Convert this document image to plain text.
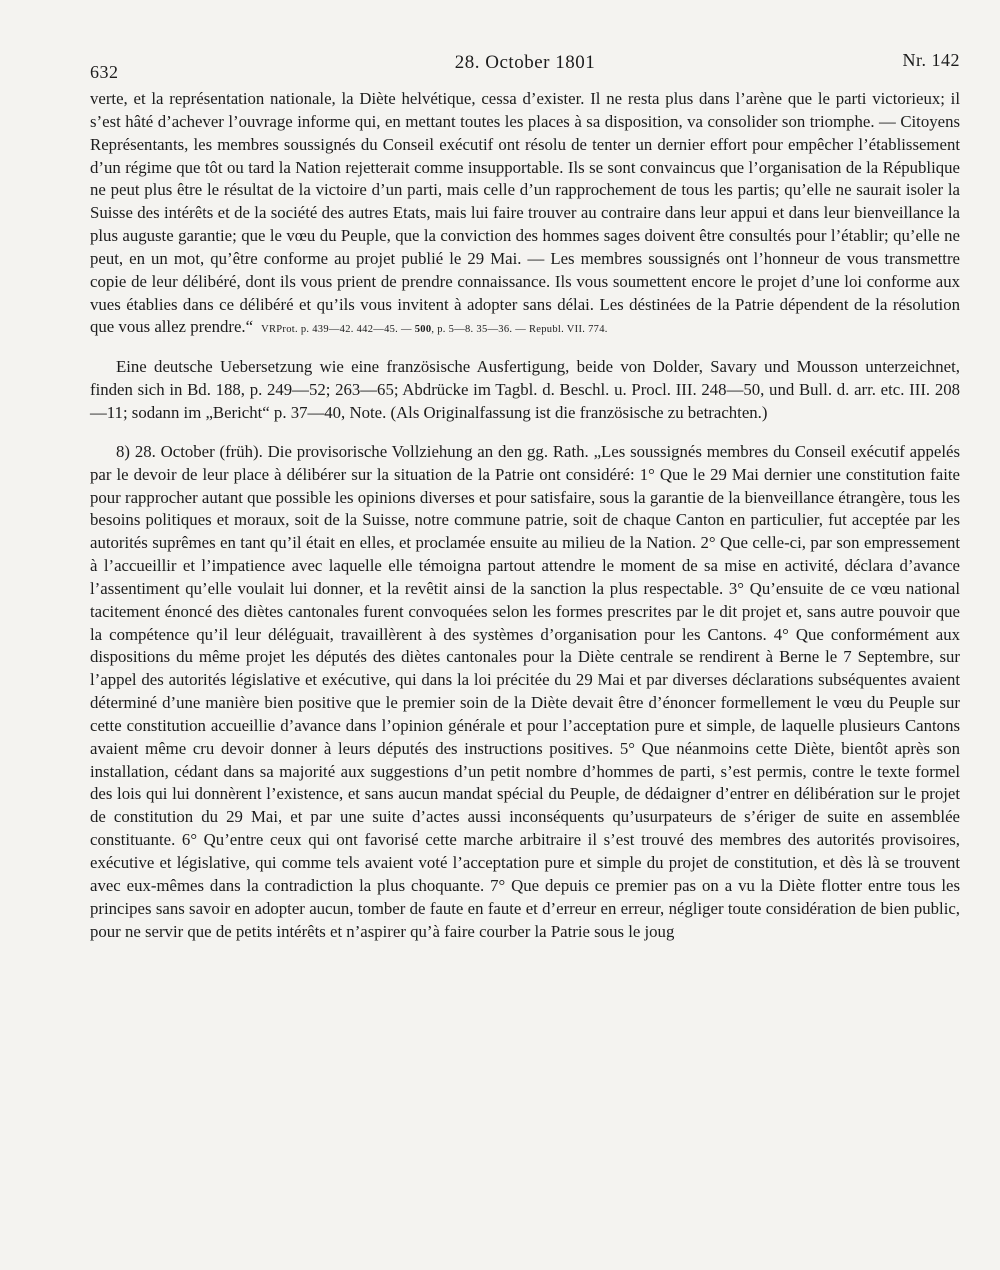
632	28. October 1801	Nr. 142

verte, et la représentation nationale, la Diète helvétique, cessa d’exister. Il ne resta plus dans l’arène que le parti victorieux; il s’est hâté d’achever l’ouvrage informe qui, en mettant toutes les places à sa disposition, va consolider son triomphe. — Citoyens Représentants, les membres soussignés du Conseil exécutif ont résolu de tenter un dernier effort pour empêcher l’établissement d’un régime que tôt ou tard la Nation rejetterait comme insupportable. Ils se sont convaincus que l’organisation de la République ne peut plus être le résultat de la victoire d’un parti, mais celle d’un rapprochement de tous les partis; qu’elle ne saurait isoler la Suisse des intérêts et de la société des autres Etats, mais lui faire trouver au contraire dans leur appui et dans leur bienveillance la plus auguste garantie; que le vœu du Peuple, que la conviction des hommes sages doivent être consultés pour l’établir; qu’elle ne peut, en un mot, qu’être conforme au projet publié le 29 Mai. — Les membres soussignés ont l’honneur de vous transmettre copie de leur délibéré, dont ils vous prient de prendre connaissance. Ils vous soumettent encore le projet d’une loi conforme aux vues établies dans ce délibéré et qu’ils vous invitent à adopter sans délai. Les déstinées de la Patrie dépendent de la résolution que vous allez prendre.“ VRProt. p. 439—42. 442—45. — 500, p. 5—8. 35—36. — Republ. VII. 774.

Eine deutsche Uebersetzung wie eine französische Ausfertigung, beide von Dolder, Savary und Mousson unterzeichnet, finden sich in Bd. 188, p. 249—52; 263—65; Abdrücke im Tagbl. d. Beschl. u. Procl. III. 248—50, und Bull. d. arr. etc. III. 208—11; sodann im „Bericht“ p. 37—40, Note. (Als Originalfassung ist die französische zu betrachten.)

8) 28. October (früh). Die provisorische Vollziehung an den gg. Rath. „Les soussignés membres du Conseil exécutif appelés par le devoir de leur place à délibérer sur la situation de la Patrie ont considéré: 1° Que le 29 Mai dernier une constitution faite pour rapprocher autant que possible les opinions diverses et pour satisfaire, sous la garantie de la bienveillance étrangère, tous les besoins politiques et moraux, soit de la Suisse, notre commune patrie, soit de chaque Canton en particulier, fut acceptée par les autorités suprêmes en tant qu’il était en elles, et proclamée ensuite au milieu de la Nation. 2° Que celle-ci, par son empressement à l’accueillir et l’impatience avec laquelle elle témoigna partout attendre le moment de sa mise en activité, déclara d’avance l’assentiment qu’elle voulait lui donner, et la revêtit ainsi de la sanction la plus respectable. 3° Qu’ensuite de ce vœu national tacitement énoncé des diètes cantonales furent convoquées selon les formes prescrites par le dit projet et, sans autre pouvoir que la compétence qu’il leur déléguait, travaillèrent à des systèmes d’organisation pour les Cantons. 4° Que conformément aux dispositions du même projet les députés des diètes cantonales pour la Diète centrale se rendirent à Berne le 7 Septembre, sur l’appel des autorités législative et exécutive, qui dans la loi précitée du 29 Mai et par diverses déclarations subséquentes avaient déterminé d’une manière bien positive que le premier soin de la Diète devait être d’énoncer formellement le vœu du Peuple sur cette constitution accueillie d’avance dans l’opinion générale et pour l’acceptation pure et simple, de laquelle plusieurs Cantons avaient même cru devoir donner à leurs députés des instructions positives. 5° Que néanmoins cette Diète, bientôt après son installation, cédant dans sa majorité aux suggestions d’un petit nombre d’hommes de parti, s’est permis, contre le texte formel des lois qui lui donnèrent l’existence, et sans aucun mandat spécial du Peuple, de dédaigner d’entrer en délibération sur le projet de constitution du 29 Mai, et par une suite d’actes aussi inconséquents qu’usurpateurs de s’ériger de suite en assemblée constituante. 6° Qu’entre ceux qui ont favorisé cette marche arbitraire il s’est trouvé des membres des autorités provisoires, exécutive et législative, qui comme tels avaient voté l’acceptation pure et simple du projet de constitution, et dès là se trouvent avec eux-mêmes dans la contradiction la plus choquante. 7° Que depuis ce premier pas on a vu la Diète flotter entre tous les principes sans savoir en adopter aucun, tomber de faute en faute et d’erreur en erreur, négliger toute considération de bien public, pour ne servir que de petits intérêts et n’aspirer qu’à faire courber la Patrie sous le joug
